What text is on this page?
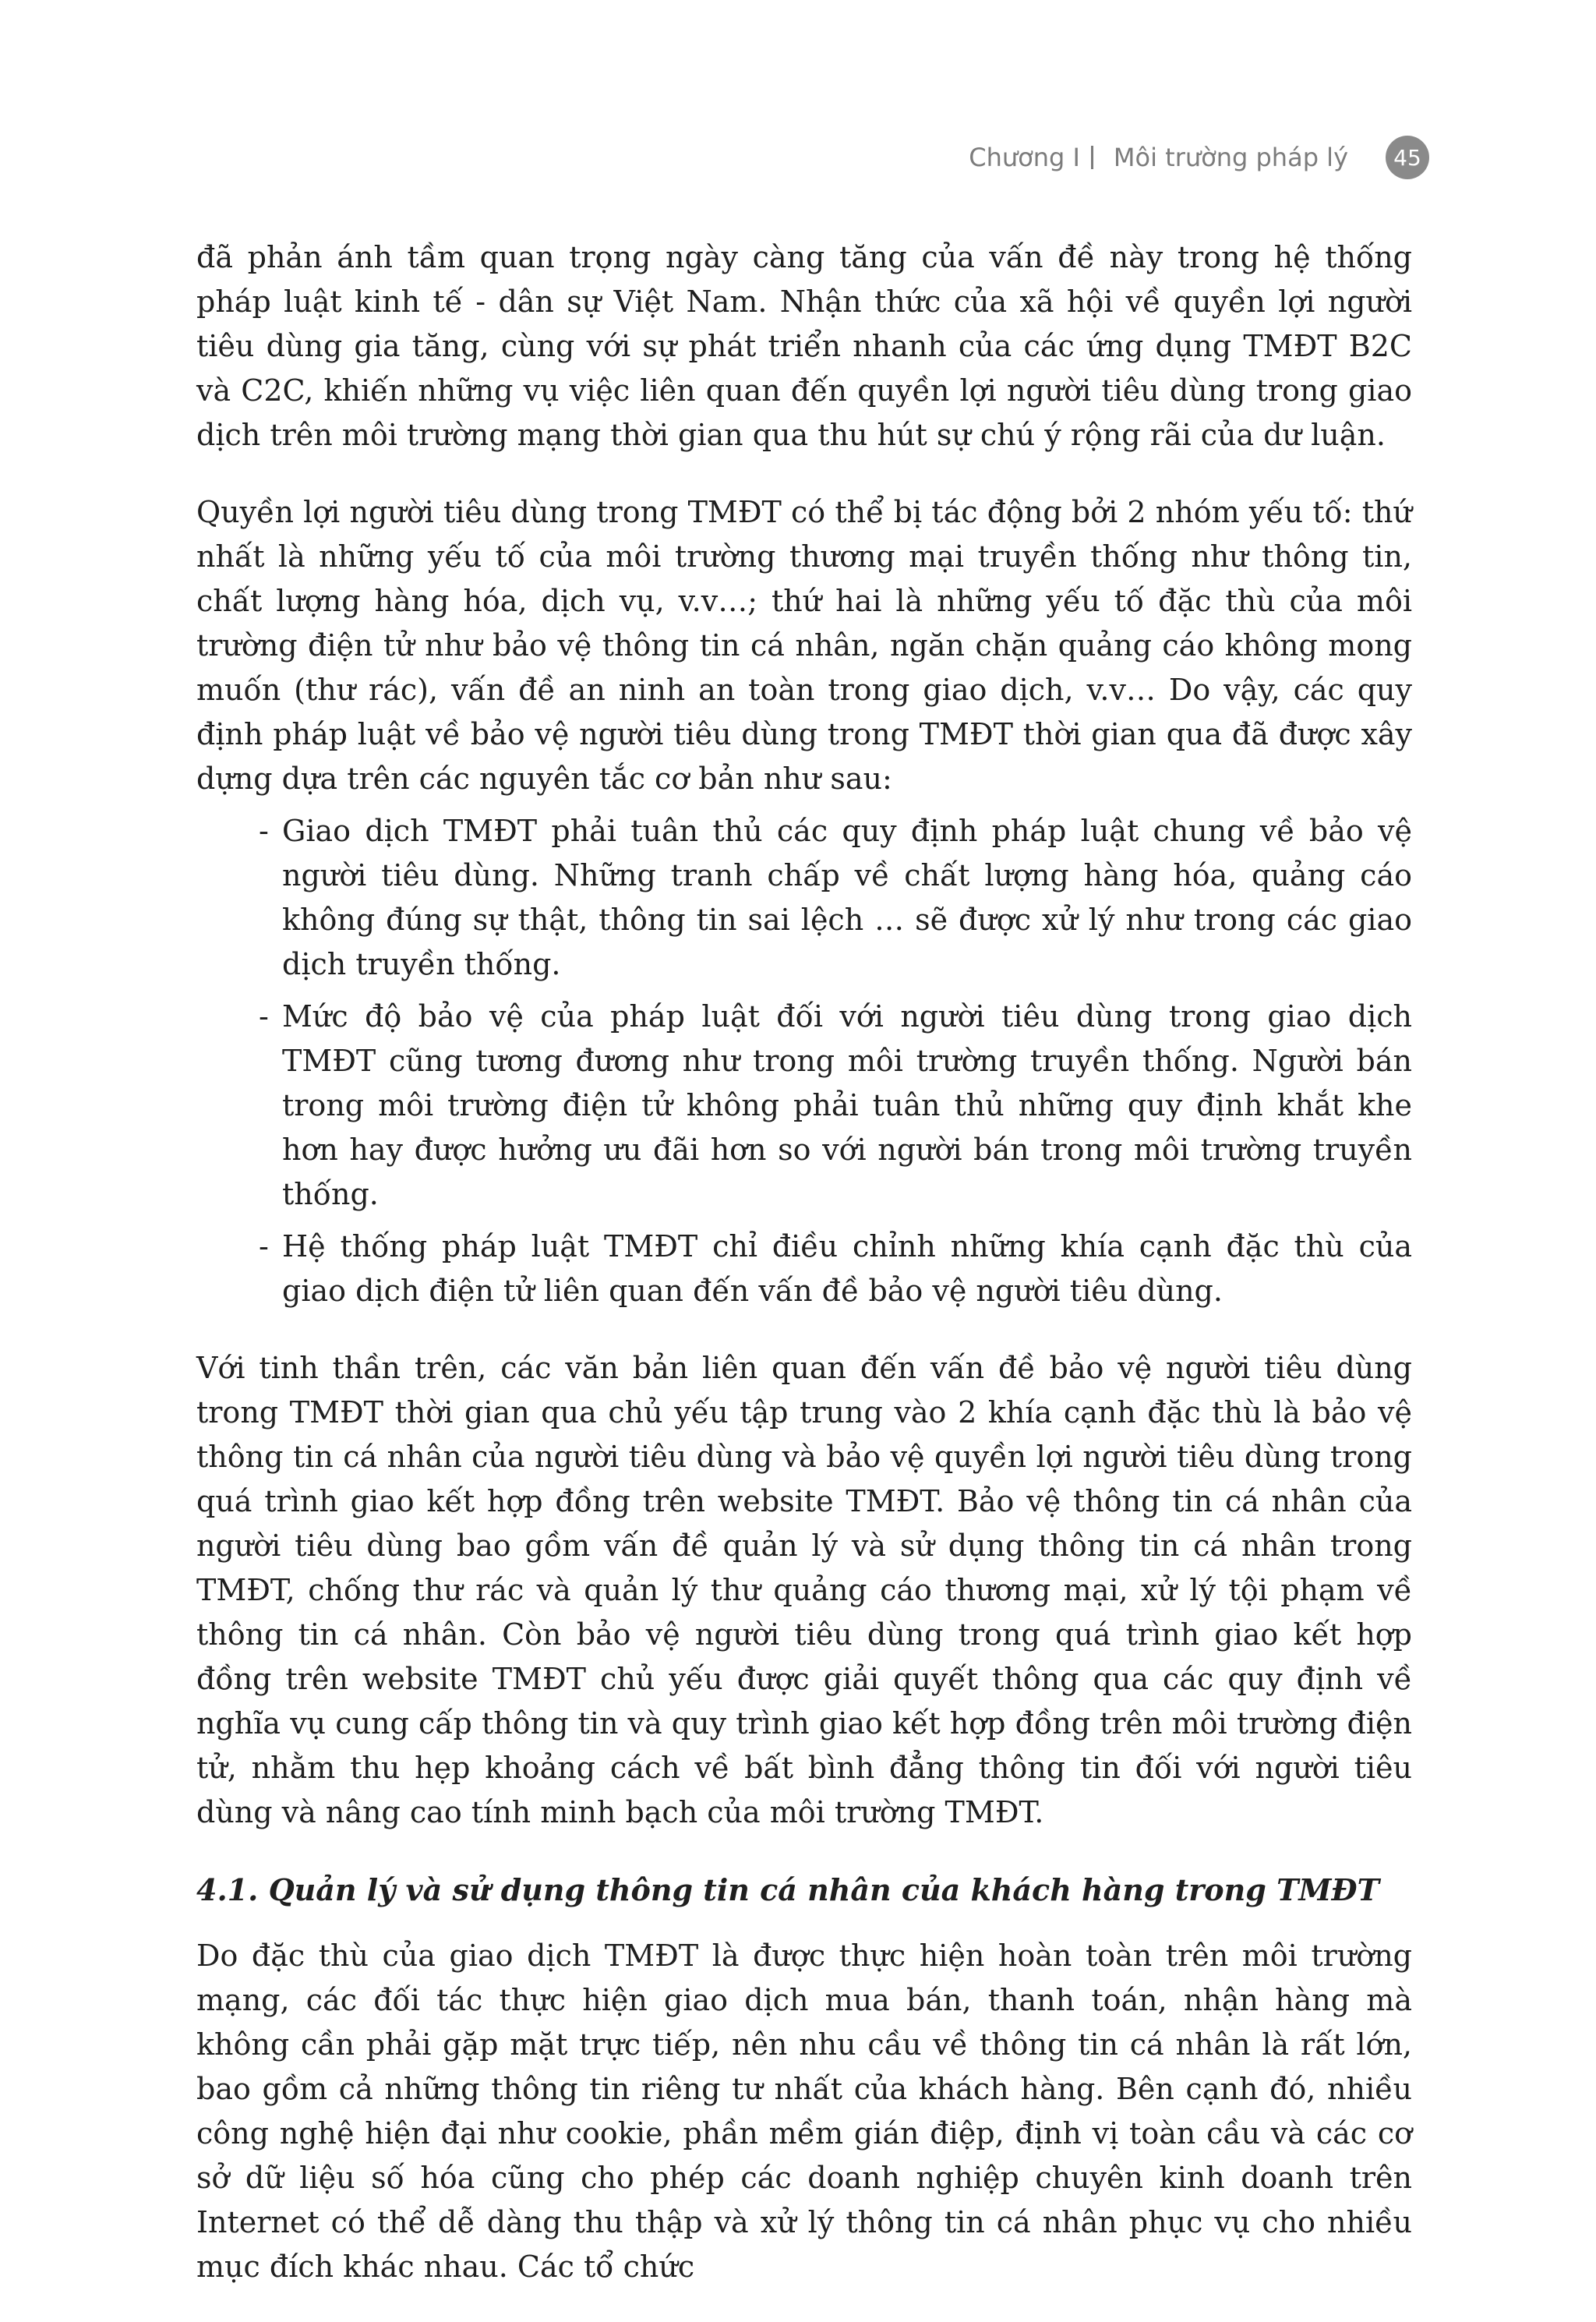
Chương I Môi trường pháp lý	45

đã phản ánh tầm quan trọng ngày càng tăng của vấn đề này trong hệ thống pháp luật kinh tế - dân sự Việt Nam. Nhận thức của xã hội về quyền lợi người tiêu dùng gia tăng, cùng với sự phát triển nhanh của các ứng dụng TMĐT B2C và C2C, khiến những vụ việc liên quan đến quyền lợi người tiêu dùng trong giao dịch trên môi trường mạng thời gian qua thu hút sự chú ý rộng rãi của dư luận.

Quyền lợi người tiêu dùng trong TMĐT có thể bị tác động bởi 2 nhóm yếu tố: thứ nhất là những yếu tố của môi trường thương mại truyền thống như thông tin, chất lượng hàng hóa, dịch vụ, v.v…; thứ hai là những yếu tố đặc thù của môi trường điện tử như bảo vệ thông tin cá nhân, ngăn chặn quảng cáo không mong muốn (thư rác), vấn đề an ninh an toàn trong giao dịch, v.v… Do vậy, các quy định pháp luật về bảo vệ người tiêu dùng trong TMĐT thời gian qua đã được xây dựng dựa trên các nguyên tắc cơ bản như sau:

- Giao dịch TMĐT phải tuân thủ các quy định pháp luật chung về bảo vệ người tiêu dùng. Những tranh chấp về chất lượng hàng hóa, quảng cáo không đúng sự thật, thông tin sai lệch … sẽ được xử lý như trong các giao dịch truyền thống.
- Mức độ bảo vệ của pháp luật đối với người tiêu dùng trong giao dịch TMĐT cũng tương đương như trong môi trường truyền thống. Người bán trong môi trường điện tử không phải tuân thủ những quy định khắt khe hơn hay được hưởng ưu đãi hơn so với người bán trong môi trường truyền thống.
- Hệ thống pháp luật TMĐT chỉ điều chỉnh những khía cạnh đặc thù của giao dịch điện tử liên quan đến vấn đề bảo vệ người tiêu dùng.

Với tinh thần trên, các văn bản liên quan đến vấn đề bảo vệ người tiêu dùng trong TMĐT thời gian qua chủ yếu tập trung vào 2 khía cạnh đặc thù là bảo vệ thông tin cá nhân của người tiêu dùng và bảo vệ quyền lợi người tiêu dùng trong quá trình giao kết hợp đồng trên website TMĐT. Bảo vệ thông tin cá nhân của người tiêu dùng bao gồm vấn đề quản lý và sử dụng thông tin cá nhân trong TMĐT, chống thư rác và quản lý thư quảng cáo thương mại, xử lý tội phạm về thông tin cá nhân. Còn bảo vệ người tiêu dùng trong quá trình giao kết hợp đồng trên website TMĐT chủ yếu được giải quyết thông qua các quy định về nghĩa vụ cung cấp thông tin và quy trình giao kết hợp đồng trên môi trường điện tử, nhằm thu hẹp khoảng cách về bất bình đẳng thông tin đối với người tiêu dùng và nâng cao tính minh bạch của môi trường TMĐT.

4.1. Quản lý và sử dụng thông tin cá nhân của khách hàng trong TMĐT

Do đặc thù của giao dịch TMĐT là được thực hiện hoàn toàn trên môi trường mạng, các đối tác thực hiện giao dịch mua bán, thanh toán, nhận hàng mà không cần phải gặp mặt trực tiếp, nên nhu cầu về thông tin cá nhân là rất lớn, bao gồm cả những thông tin riêng tư nhất của khách hàng. Bên cạnh đó, nhiều công nghệ hiện đại như cookie, phần mềm gián điệp, định vị toàn cầu và các cơ sở dữ liệu số hóa cũng cho phép các doanh nghiệp chuyên kinh doanh trên Internet có thể dễ dàng thu thập và xử lý thông tin cá nhân phục vụ cho nhiều mục đích khác nhau. Các tổ chức
